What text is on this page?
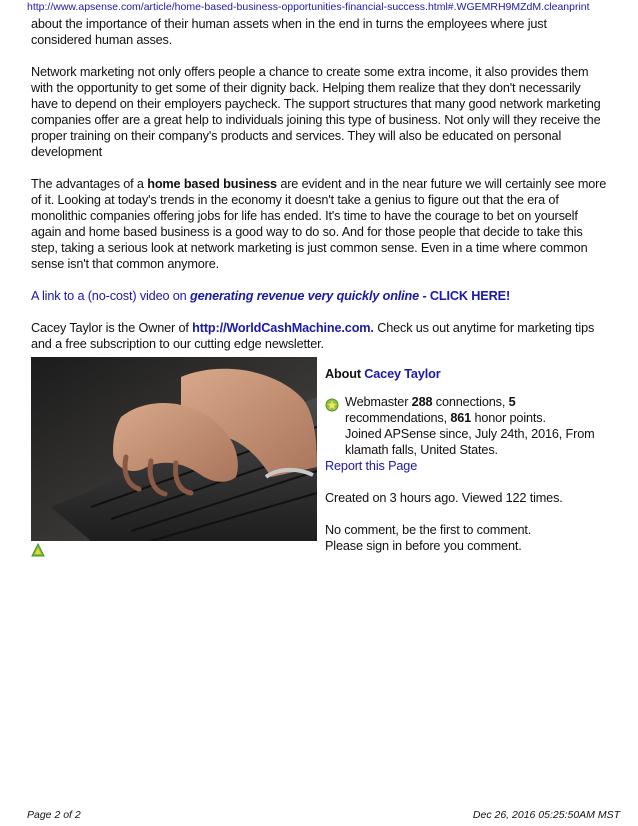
http://www.apsense.com/article/home-based-business-opportunities-financial-success.html#.WGEMRH9MZdM.cleanprint

about the importance of their human assets when in the end in turns the employees where just considered human asses.

Network marketing not only offers people a chance to create some extra income, it also provides them with the opportunity to get some of their dignity back. Helping them realize that they don't necessarily have to depend on their employers paycheck. The support structures that many good network marketing companies offer are a great help to individuals joining this type of business. Not only will they receive the proper training on their company's products and services. They will also be educated on personal development

The advantages of a home based business are evident and in the near future we will certainly see more of it. Looking at today's trends in the economy it doesn't take a genius to figure out that the era of monolithic companies offering jobs for life has ended. It's time to have the courage to bet on yourself again and home based business is a good way to do so. And for those people that decide to take this step, taking a serious look at network marketing is just common sense. Even in a time where common sense isn't that common anymore.

A link to a (no-cost) video on generating revenue very quickly online - CLICK HERE!

Cacey Taylor is the Owner of http://WorldCashMachine.com. Check us out anytime for marketing tips and a free subscription to our cutting edge newsletter.

About Cacey Taylor
Webmaster 288 connections, 5
recommendations, 861 honor points.
Joined APSense since, July 24th, 2016, From klamath falls, United States.
Report this Page
Created on 3 hours ago. Viewed 122 times.
No comment, be the first to comment.
Please sign in before you comment.
Page 2 of 2	Dec 26, 2016 05:25:50AM MST
